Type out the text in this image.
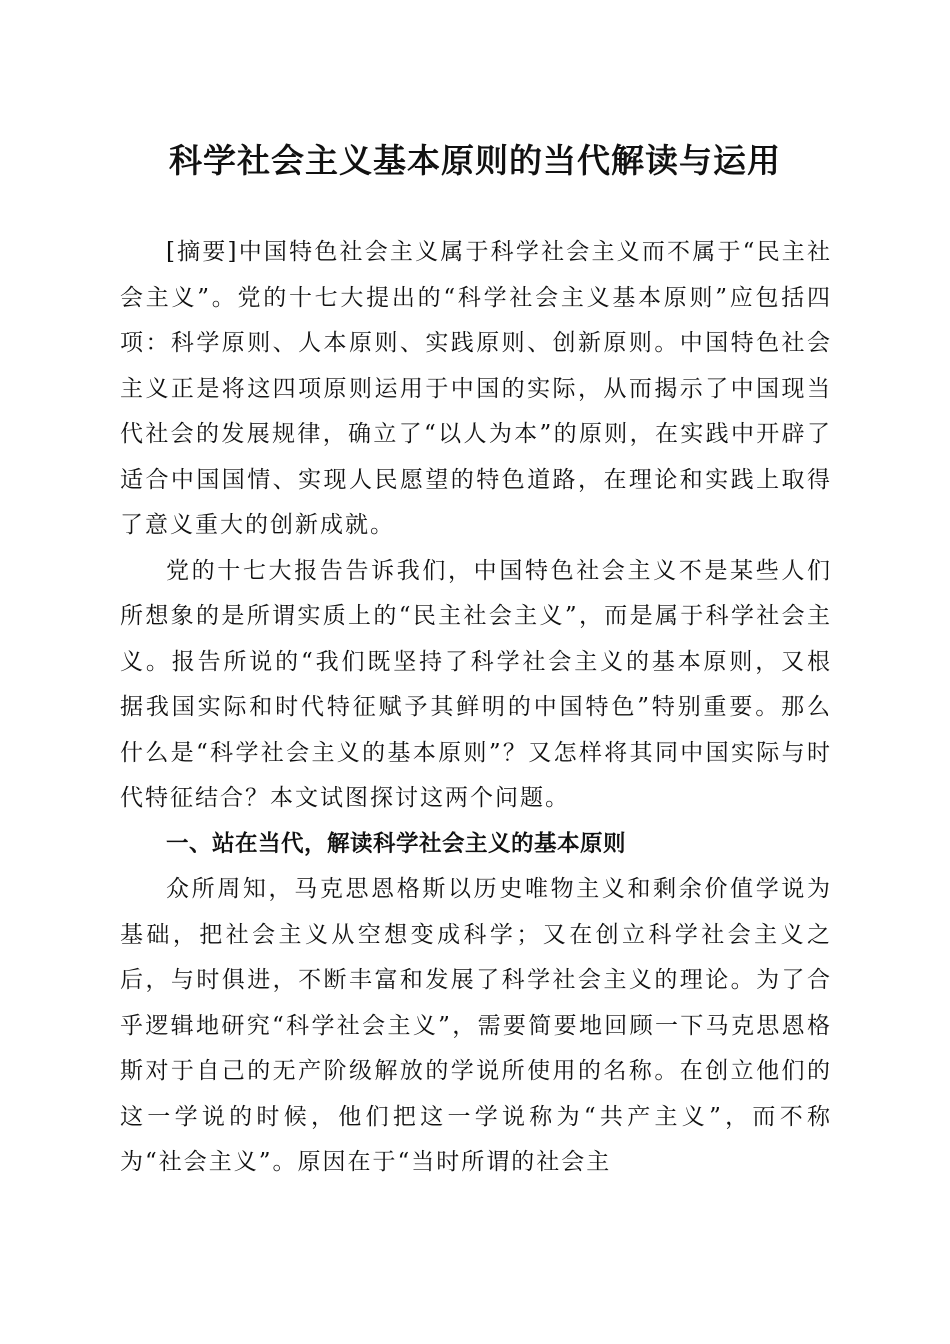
科学社会主义基本原则的当代解读与运用

[摘要]中国特色社会主义属于科学社会主义而不属于“民主社会主义”。党的十七大提出的“科学社会主义基本原则”应包括四项：科学原则、人本原则、实践原则、创新原则。中国特色社会主义正是将这四项原则运用于中国的实际，从而揭示了中国现当代社会的发展规律，确立了“以人为本”的原则，在实践中开辟了适合中国国情、实现人民愿望的特色道路，在理论和实践上取得了意义重大的创新成就。

党的十七大报告告诉我们，中国特色社会主义不是某些人们所想象的是所谓实质上的“民主社会主义”，而是属于科学社会主义。报告所说的“我们既坚持了科学社会主义的基本原则，又根据我国实际和时代特征赋予其鲜明的中国特色”特别重要。那么什么是“科学社会主义的基本原则”？又怎样将其同中国实际与时代特征结合？本文试图探讨这两个问题。

一、站在当代，解读科学社会主义的基本原则

众所周知，马克思恩格斯以历史唯物主义和剩余价值学说为基础，把社会主义从空想变成科学；又在创立科学社会主义之后，与时俱进，不断丰富和发展了科学社会主义的理论。为了合乎逻辑地研究“科学社会主义”，需要简要地回顾一下马克思恩格斯对于自己的无产阶级解放的学说所使用的名称。在创立他们的这一学说的时候，他们把这一学说称为“共产主义”，而不称为“社会主义”。原因在于“当时所谓的社会主
